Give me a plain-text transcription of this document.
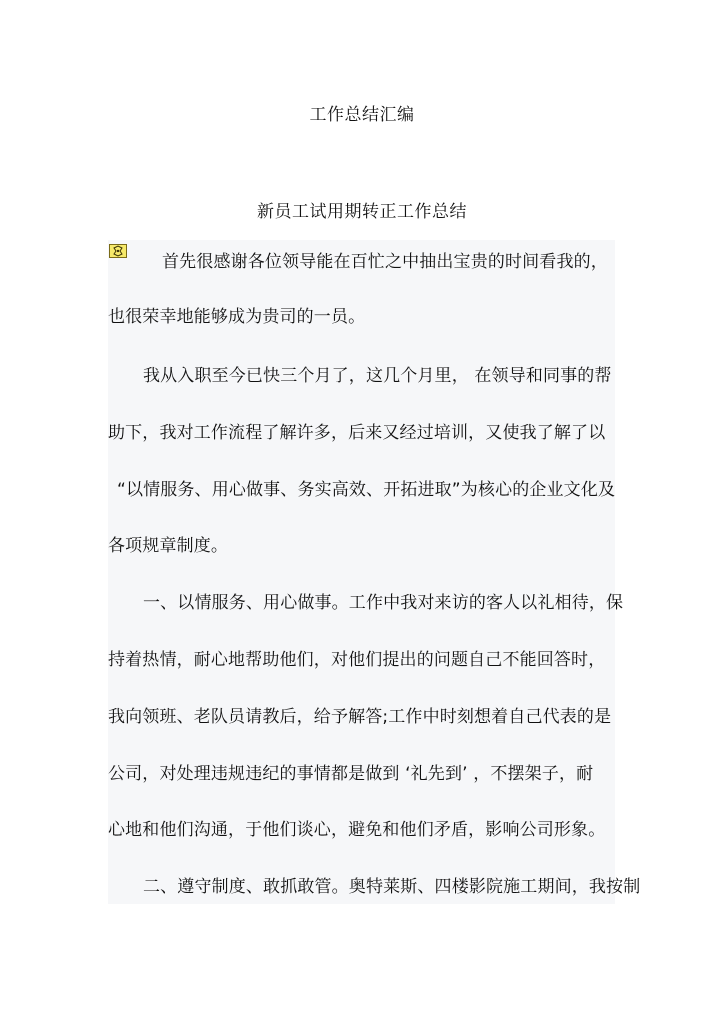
工作总结汇编
新员工试用期转正工作总结
首先很感谢各位领导能在百忙之中抽出宝贵的时间看我的，
也很荣幸地能够成为贵司的一员。
我从入职至今已快三个月了，这几个月里， 在领导和同事的帮
助下，我对工作流程了解许多，后来又经过培训，又使我了解了以
“以情服务、用心做事、务实高效、开拓进取”为核心的企业文化及
各项规章制度。
一、以情服务、用心做事。工作中我对来访的客人以礼相待，保
持着热情，耐心地帮助他们，对他们提出的问题自己不能回答时，
我向领班、老队员请教后，给予解答;工作中时刻想着自己代表的是
公司，对处理违规违纪的事情都是做到 ‘礼先到’ ，不摆架子，耐
心地和他们沟通，于他们谈心，避免和他们矛盾，影响公司形象。
二、遵守制度、敢抓敢管。奥特莱斯、四楼影院施工期间，我按制
